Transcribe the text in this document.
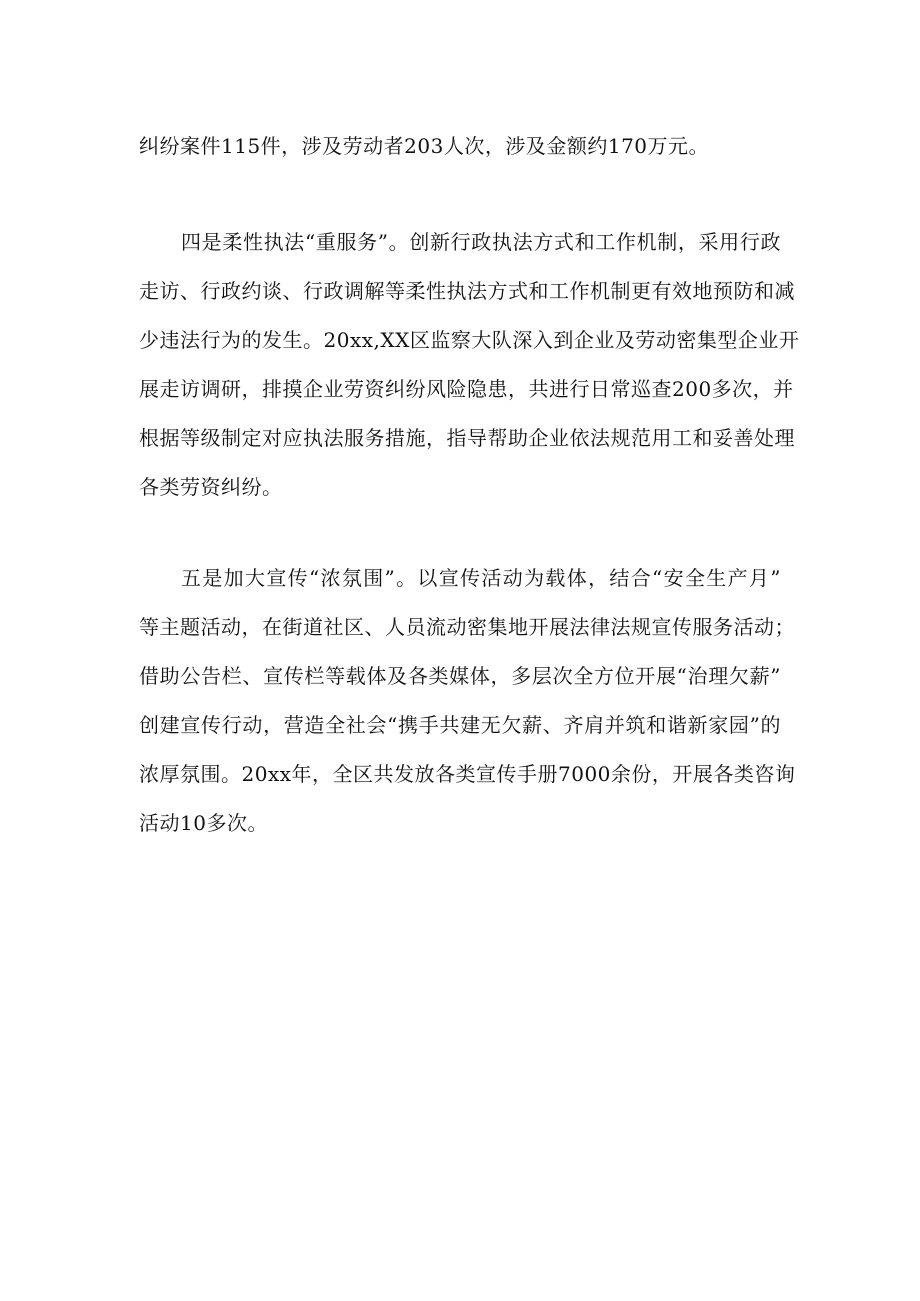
纠纷案件115件，涉及劳动者203人次，涉及金额约170万元。
四是柔性执法“重服务”。创新行政执法方式和工作机制，采用行政
走访、行政约谈、行政调解等柔性执法方式和工作机制更有效地预防和减
少违法行为的发生。20xx,XX区监察大队深入到企业及劳动密集型企业开
展走访调研，排摸企业劳资纠纷风险隐患，共进行日常巡查200多次，并
根据等级制定对应执法服务措施，指导帮助企业依法规范用工和妥善处理
各类劳资纠纷。
五是加大宣传“浓氛围”。以宣传活动为载体，结合“安全生产月”
等主题活动，在街道社区、人员流动密集地开展法律法规宣传服务活动；
借助公告栏、宣传栏等载体及各类媒体，多层次全方位开展“治理欠薪”
创建宣传行动，营造全社会“携手共建无欠薪、齐肩并筑和谐新家园”的
浓厚氛围。20xx年，全区共发放各类宣传手册7000余份，开展各类咨询
活动10多次。
